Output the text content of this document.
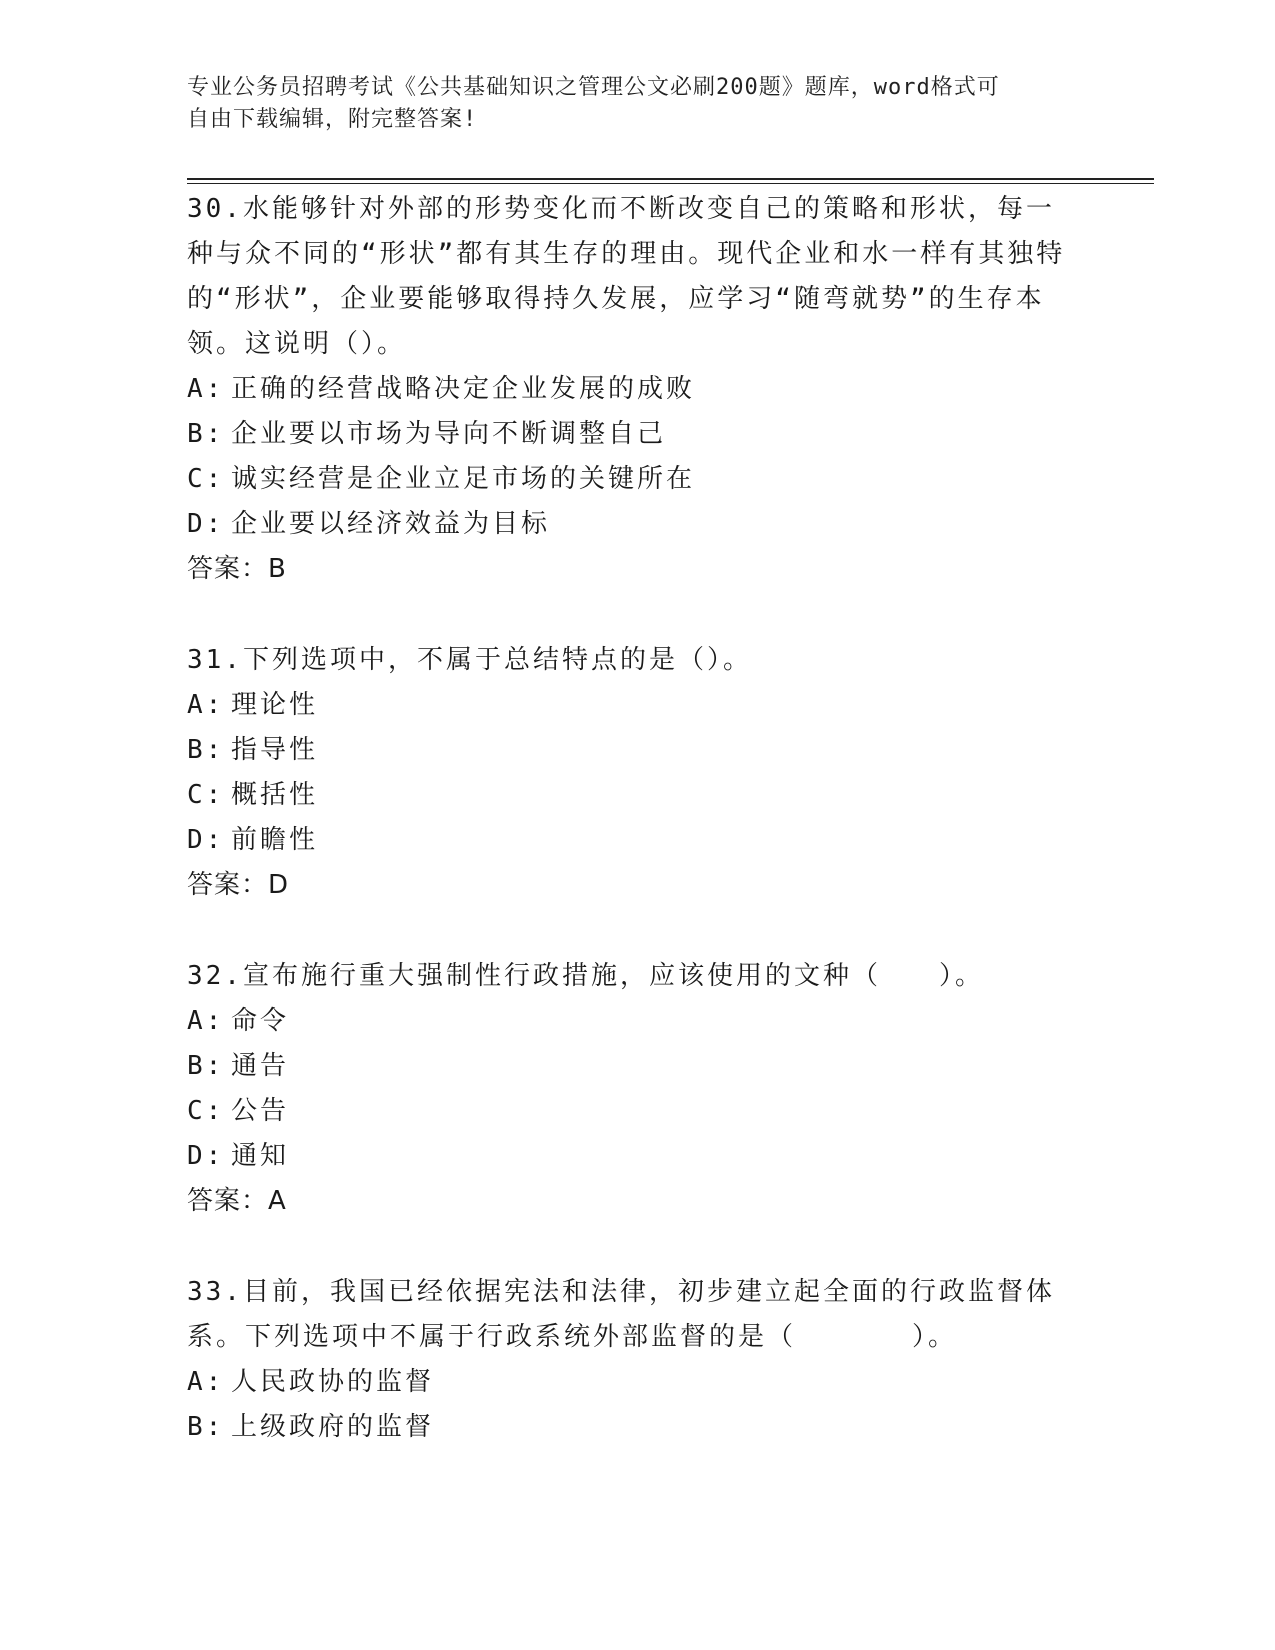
专业公务员招聘考试《公共基础知识之管理公文必刷200题》题库，word格式可
自由下载编辑，附完整答案!

30.水能够针对外部的形势变化而不断改变自己的策略和形状，每一种与众不同的“形状”都有其生存的理由。现代企业和水一样有其独特的“形状”，企业要能够取得持久发展，应学习“随弯就势”的生存本领。这说明（）。

A: 正确的经营战略决定企业发展的成败
B: 企业要以市场为导向不断调整自己
C: 诚实经营是企业立足市场的关键所在
D: 企业要以经济效益为目标
答案：B

31.下列选项中，不属于总结特点的是（）。

A: 理论性
B: 指导性
C: 概括性
D: 前瞻性
答案：D

32.宣布施行重大强制性行政措施，应该使用的文种（　　）。

A: 命令
B: 通告
C: 公告
D: 通知
答案：A

33.目前，我国已经依据宪法和法律，初步建立起全面的行政监督体系。下列选项中不属于行政系统外部监督的是（　　　　）。

A: 人民政协的监督
B: 上级政府的监督
